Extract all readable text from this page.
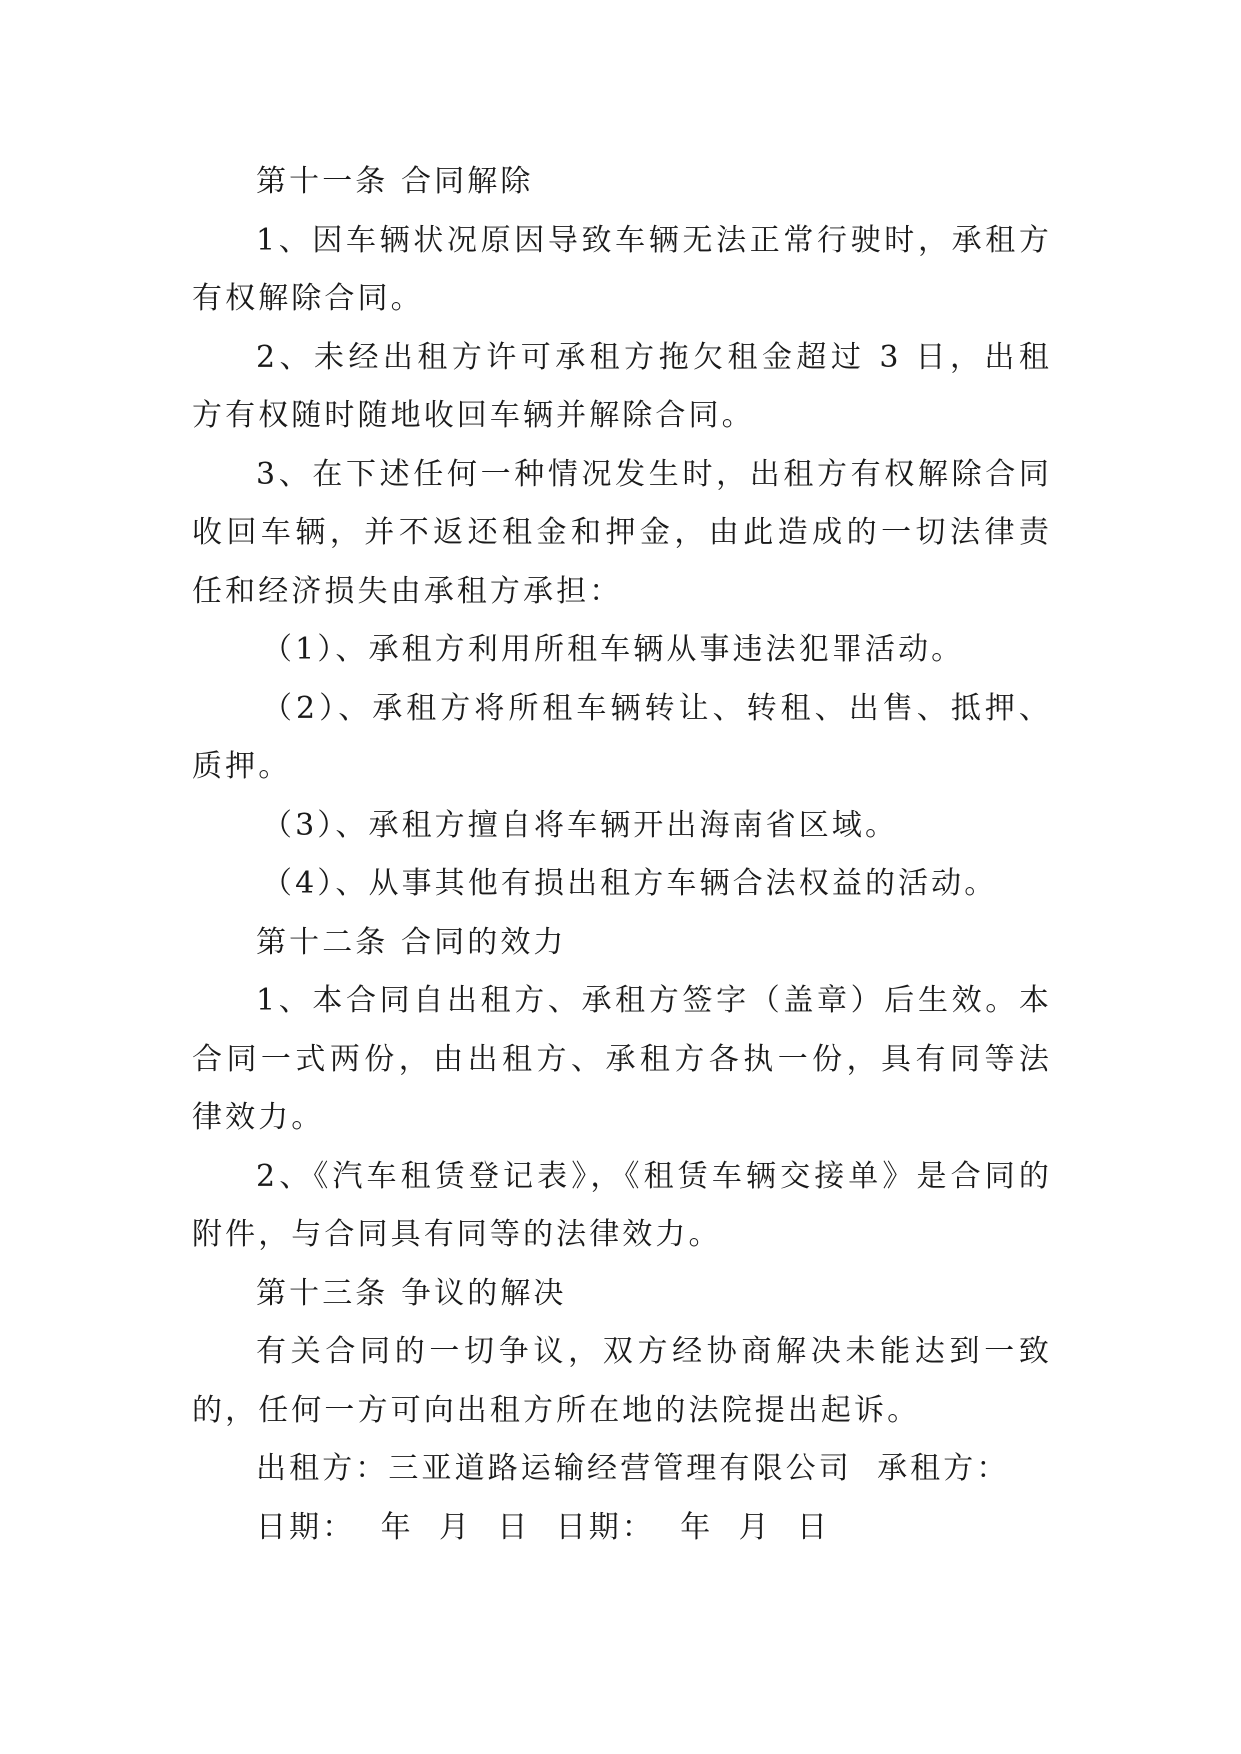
第十一条 合同解除

1、因车辆状况原因导致车辆无法正常行驶时，承租方有权解除合同。

2、未经出租方许可承租方拖欠租金超过 3 日，出租方有权随时随地收回车辆并解除合同。

3、在下述任何一种情况发生时，出租方有权解除合同收回车辆，并不返还租金和押金，由此造成的一切法律责任和经济损失由承租方承担：

（1）、承租方利用所租车辆从事违法犯罪活动。

（2）、承租方将所租车辆转让、转租、出售、抵押、质押。

（3）、承租方擅自将车辆开出海南省区域。

（4）、从事其他有损出租方车辆合法权益的活动。

第十二条 合同的效力

1、本合同自出租方、承租方签字（盖章）后生效。本合同一式两份，由出租方、承租方各执一份，具有同等法律效力。

2、《汽车租赁登记表》，《租赁车辆交接单》是合同的附件，与合同具有同等的法律效力。

第十三条 争议的解决

有关合同的一切争议，双方经协商解决未能达到一致的，任何一方可向出租方所在地的法院提出起诉。

出租方：三亚道路运输经营管理有限公司  承租方：

日期：  年  月  日  日期：  年  月  日
